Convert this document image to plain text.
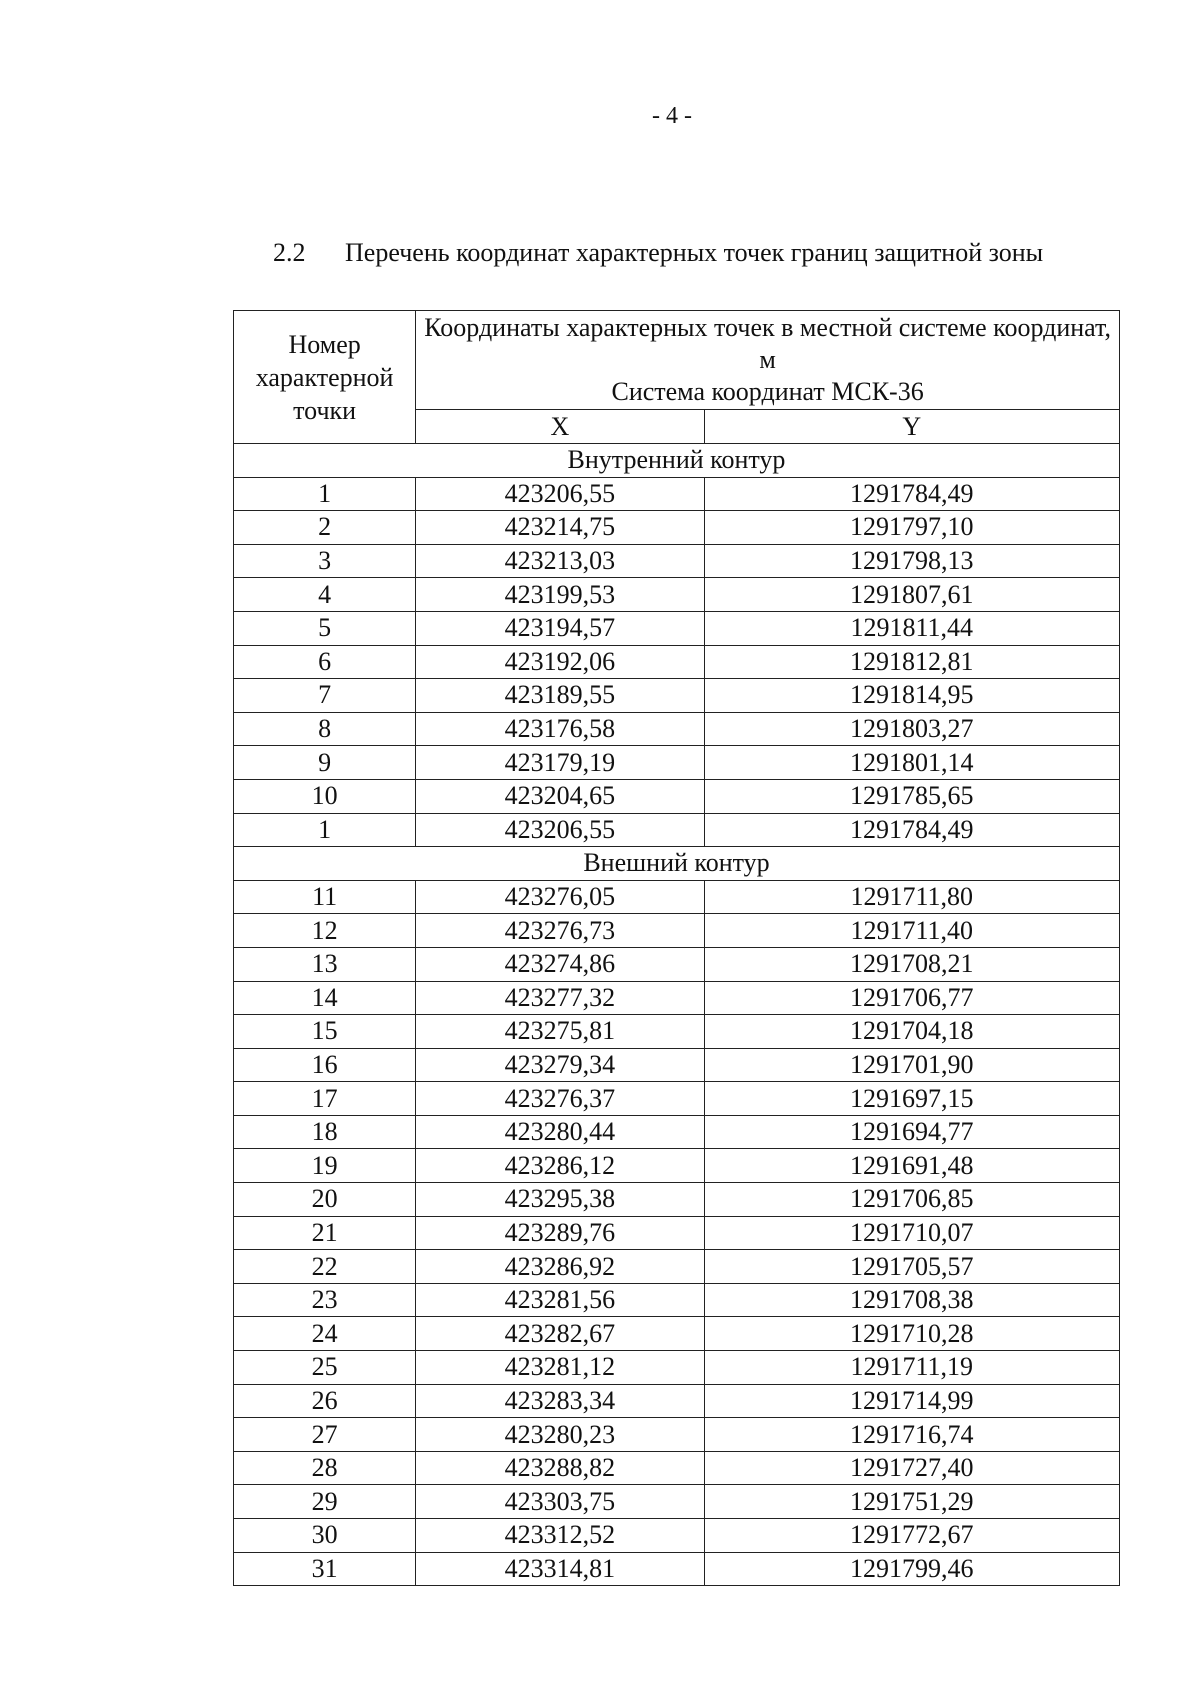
- 4 -
2.2 Перечень координат характерных точек границ защитной зоны
Номер характерной точки	Координаты характерных точек в местной системе координат, м
Система координат МСК-36	

	X	Y
Внутренний контур		
1	423206,55	1291784,49
2	423214,75	1291797,10
3	423213,03	1291798,13
4	423199,53	1291807,61
5	423194,57	1291811,44
6	423192,06	1291812,81
7	423189,55	1291814,95
8	423176,58	1291803,27
9	423179,19	1291801,14
10	423204,65	1291785,65
1	423206,55	1291784,49
Внешний контур		
11	423276,05	1291711,80
12	423276,73	1291711,40
13	423274,86	1291708,21
14	423277,32	1291706,77
15	423275,81	1291704,18
16	423279,34	1291701,90
17	423276,37	1291697,15
18	423280,44	1291694,77
19	423286,12	1291691,48
20	423295,38	1291706,85
21	423289,76	1291710,07
22	423286,92	1291705,57
23	423281,56	1291708,38
24	423282,67	1291710,28
25	423281,12	1291711,19
26	423283,34	1291714,99
27	423280,23	1291716,74
28	423288,82	1291727,40
29	423303,75	1291751,29
30	423312,52	1291772,67
31	423314,81	1291799,46
